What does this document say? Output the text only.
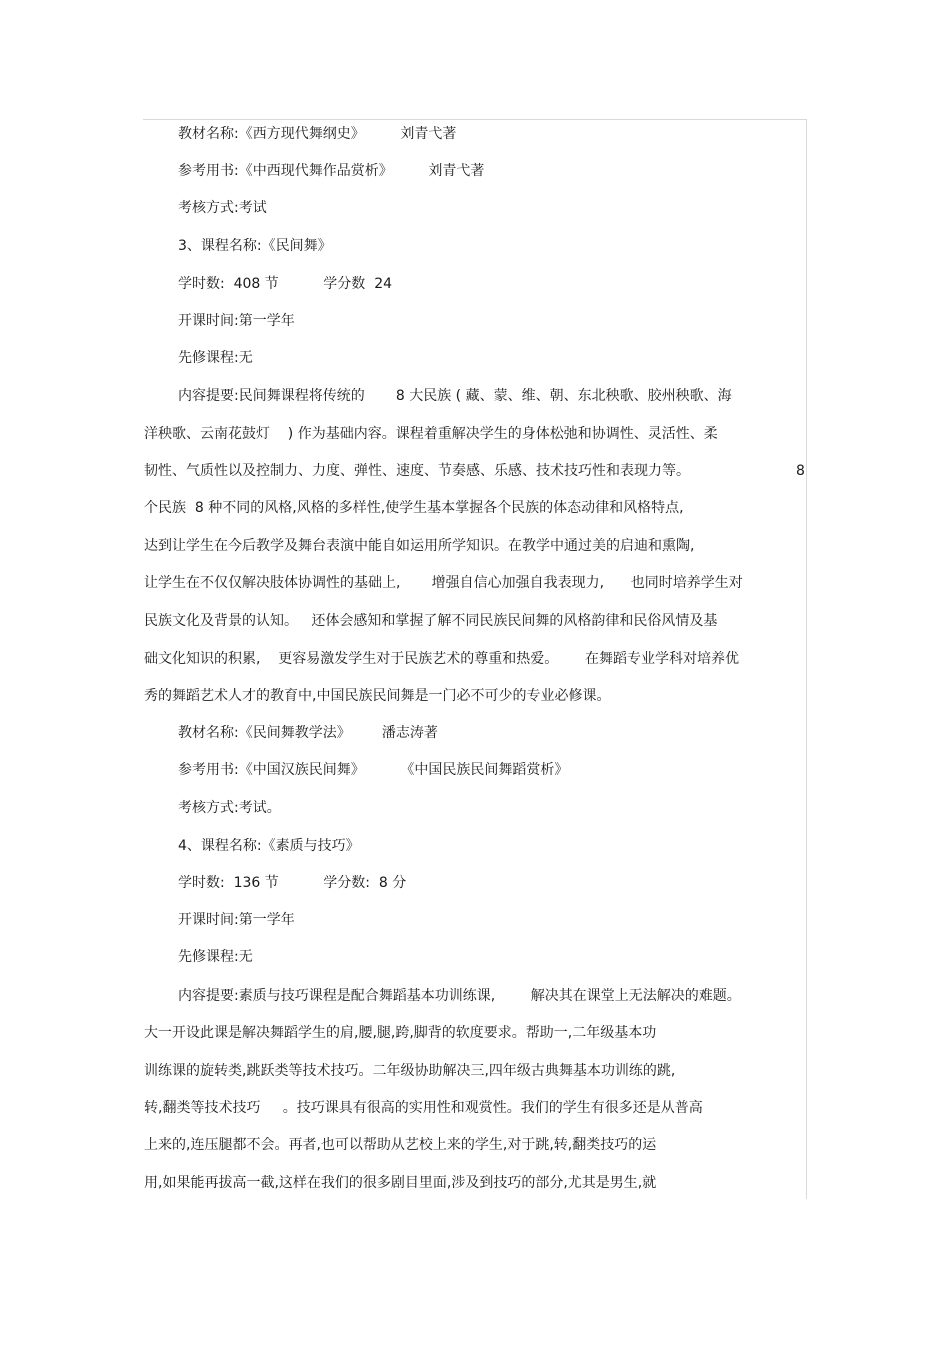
教材名称:《西方现代舞纲史》        刘青弋著
参考用书:《中西现代舞作品赏析》        刘青弋著
考核方式:考试
3、课程名称:《民间舞》
学时数:  408 节          学分数  24
开课时间:第一学年
先修课程:无
内容提要:民间舞课程将传统的       8 大民族 ( 藏、蒙、维、朝、东北秧歌、胶州秧歌、海
洋秧歌、云南花鼓灯    ) 作为基础内容。课程着重解决学生的身体松弛和协调性、灵活性、柔
韧性、气质性以及控制力、力度、弹性、速度、节奏感、乐感、技术技巧性和表现力等。	8
个民族  8 种不同的风格,风格的多样性,使学生基本掌握各个民族的体态动律和风格特点,
达到让学生在今后教学及舞台表演中能自如运用所学知识。在教学中通过美的启迪和熏陶,
让学生在不仅仅解决肢体协调性的基础上,       增强自信心加强自我表现力,      也同时培养学生对
民族文化及背景的认知。   还体会感知和掌握了解不同民族民间舞的风格韵律和民俗风情及基
础文化知识的积累,    更容易激发学生对于民族艺术的尊重和热爱。      在舞蹈专业学科对培养优
秀的舞蹈艺术人才的教育中,中国民族民间舞是一门必不可少的专业必修课。
教材名称:《民间舞教学法》       潘志涛著
参考用书:《中国汉族民间舞》        《中国民族民间舞蹈赏析》
考核方式:考试。
4、课程名称:《素质与技巧》
学时数:  136 节          学分数:  8 分
开课时间:第一学年
先修课程:无
内容提要:素质与技巧课程是配合舞蹈基本功训练课,        解决其在课堂上无法解决的难题。
大一开设此课是解决舞蹈学生的肩,腰,腿,跨,脚背的软度要求。帮助一,二年级基本功
训练课的旋转类,跳跃类等技术技巧。二年级协助解决三,四年级古典舞基本功训练的跳,
转,翻类等技术技巧     。技巧课具有很高的实用性和观赏性。我们的学生有很多还是从普高
上来的,连压腿都不会。再者,也可以帮助从艺校上来的学生,对于跳,转,翻类技巧的运
用,如果能再拔高一截,这样在我们的很多剧目里面,涉及到技巧的部分,尤其是男生,就
